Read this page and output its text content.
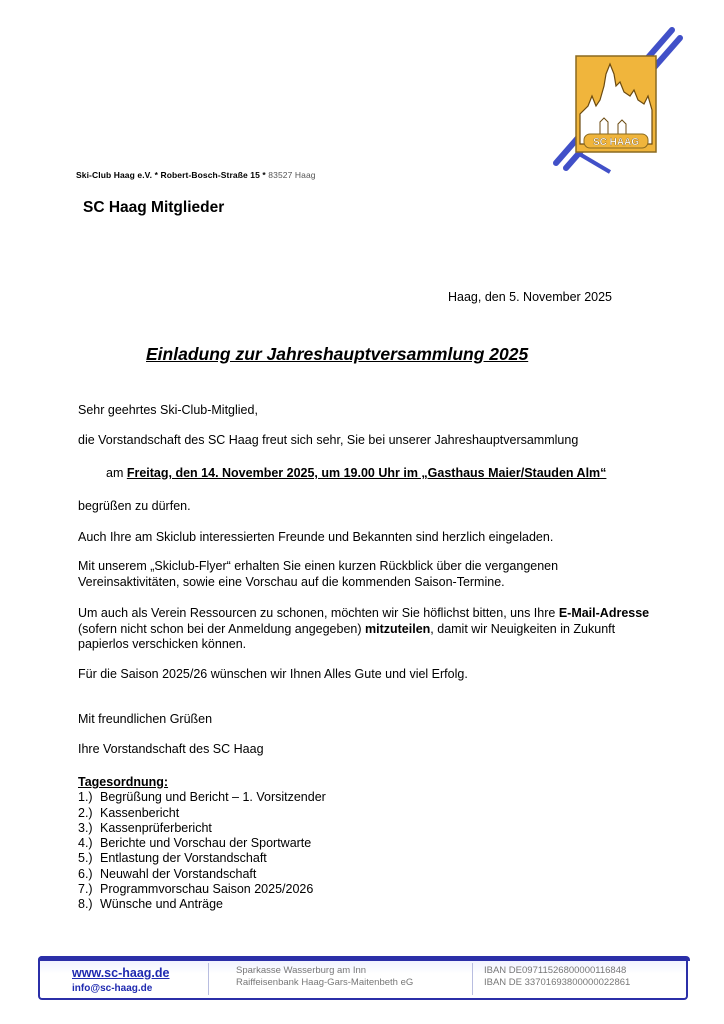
SC HAAG
Ski-Club Haag e.V. * Robert-Bosch-Straße 15 * 83527 Haag
SC Haag Mitglieder
Haag, den 5. November 2025
Einladung zur Jahreshauptversammlung 2025
Sehr geehrtes Ski-Club-Mitglied,
die Vorstandschaft des SC Haag freut sich sehr, Sie bei unserer Jahreshauptversammlung
am Freitag, den 14. November 2025, um 19.00 Uhr im „Gasthaus Maier/Stauden Alm“
begrüßen zu dürfen.
Auch Ihre am Skiclub interessierten Freunde und Bekannten sind herzlich eingeladen.
Mit unserem „Skiclub-Flyer“ erhalten Sie einen kurzen Rückblick über die vergangenen Vereinsaktivitäten, sowie eine Vorschau auf die kommenden Saison-Termine.
Um auch als Verein Ressourcen zu schonen, möchten wir Sie höflichst bitten, uns Ihre E-Mail-Adresse (sofern nicht schon bei der Anmeldung angegeben) mitzuteilen, damit wir Neuigkeiten in Zukunft papierlos verschicken können.
Für die Saison 2025/26 wünschen wir Ihnen Alles Gute und viel Erfolg.
Mit freundlichen Grüßen
Ihre Vorstandschaft des SC Haag
Tagesordnung:
1.) Begrüßung und Bericht – 1. Vorsitzender
2.) Kassenbericht
3.) Kassenprüferbericht
4.) Berichte und Vorschau der Sportwarte
5.) Entlastung der Vorstandschaft
6.) Neuwahl der Vorstandschaft
7.) Programmvorschau Saison 2025/2026
8.) Wünsche und Anträge
www.sc-haag.de
info@sc-haag.de
Sparkasse Wasserburg am Inn
Raiffeisenbank Haag-Gars-Maitenbeth eG
IBAN DE09711526800000116848
IBAN DE 33701693800000022861
